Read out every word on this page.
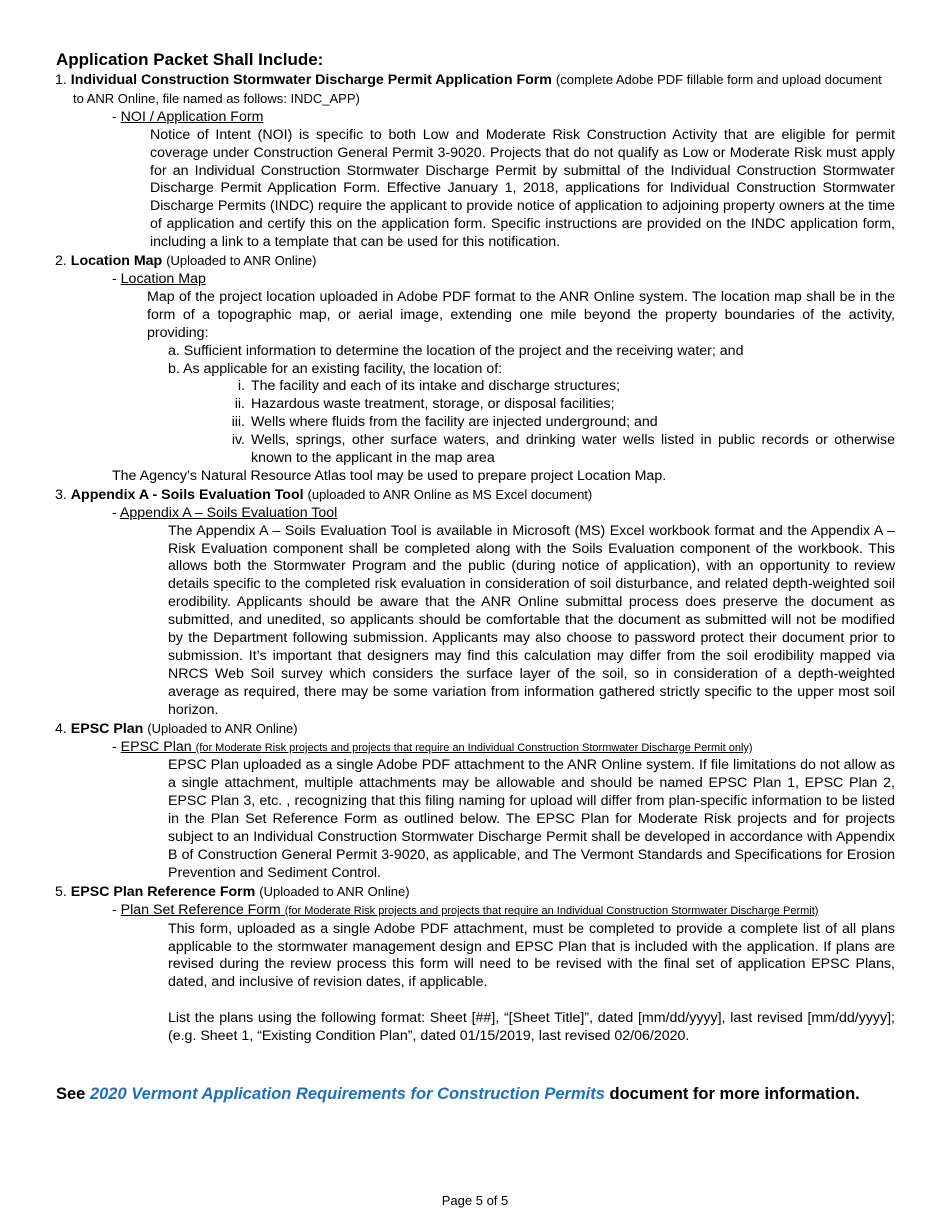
Application Packet Shall Include:
1. Individual Construction Stormwater Discharge Permit Application Form (complete Adobe PDF fillable form and upload document to ANR Online, file named as follows: INDC_APP)
- NOI / Application Form
Notice of Intent (NOI) is specific to both Low and Moderate Risk Construction Activity that are eligible for permit coverage under Construction General Permit 3-9020. Projects that do not qualify as Low or Moderate Risk must apply for an Individual Construction Stormwater Discharge Permit by submittal of the Individual Construction Stormwater Discharge Permit Application Form. Effective January 1, 2018, applications for Individual Construction Stormwater Discharge Permits (INDC) require the applicant to provide notice of application to adjoining property owners at the time of application and certify this on the application form. Specific instructions are provided on the INDC application form, including a link to a template that can be used for this notification.
2. Location Map (Uploaded to ANR Online)
- Location Map
Map of the project location uploaded in Adobe PDF format to the ANR Online system. The location map shall be in the form of a topographic map, or aerial image, extending one mile beyond the property boundaries of the activity, providing:
a. Sufficient information to determine the location of the project and the receiving water; and
b. As applicable for an existing facility, the location of:
i. The facility and each of its intake and discharge structures;
ii. Hazardous waste treatment, storage, or disposal facilities;
iii. Wells where fluids from the facility are injected underground; and
iv. Wells, springs, other surface waters, and drinking water wells listed in public records or otherwise known to the applicant in the map area
The Agency’s Natural Resource Atlas tool may be used to prepare project Location Map.
3. Appendix A - Soils Evaluation Tool (uploaded to ANR Online as MS Excel document)
- Appendix A – Soils Evaluation Tool
The Appendix A – Soils Evaluation Tool is available in Microsoft (MS) Excel workbook format and the Appendix A – Risk Evaluation component shall be completed along with the Soils Evaluation component of the workbook. This allows both the Stormwater Program and the public (during notice of application), with an opportunity to review details specific to the completed risk evaluation in consideration of soil disturbance, and related depth-weighted soil erodibility. Applicants should be aware that the ANR Online submittal process does preserve the document as submitted, and unedited, so applicants should be comfortable that the document as submitted will not be modified by the Department following submission. Applicants may also choose to password protect their document prior to submission. It’s important that designers may find this calculation may differ from the soil erodibility mapped via NRCS Web Soil survey which considers the surface layer of the soil, so in consideration of a depth-weighted average as required, there may be some variation from information gathered strictly specific to the upper most soil horizon.
4. EPSC Plan (Uploaded to ANR Online)
- EPSC Plan (for Moderate Risk projects and projects that require an Individual Construction Stormwater Discharge Permit only)
EPSC Plan uploaded as a single Adobe PDF attachment to the ANR Online system. If file limitations do not allow as a single attachment, multiple attachments may be allowable and should be named EPSC Plan 1, EPSC Plan 2, EPSC Plan 3, etc. , recognizing that this filing naming for upload will differ from plan-specific information to be listed in the Plan Set Reference Form as outlined below. The EPSC Plan for Moderate Risk projects and for projects subject to an Individual Construction Stormwater Discharge Permit shall be developed in accordance with Appendix B of Construction General Permit 3-9020, as applicable, and The Vermont Standards and Specifications for Erosion Prevention and Sediment Control.
5. EPSC Plan Reference Form (Uploaded to ANR Online)
- Plan Set Reference Form (for Moderate Risk projects and projects that require an Individual Construction Stormwater Discharge Permit)
This form, uploaded as a single Adobe PDF attachment, must be completed to provide a complete list of all plans applicable to the stormwater management design and EPSC Plan that is included with the application. If plans are revised during the review process this form will need to be revised with the final set of application EPSC Plans, dated, and inclusive of revision dates, if applicable.
List the plans using the following format: Sheet [##], “[Sheet Title]”, dated [mm/dd/yyyy], last revised [mm/dd/yyyy]; (e.g. Sheet 1, “Existing Condition Plan”, dated 01/15/2019, last revised 02/06/2020.
See 2020 Vermont Application Requirements for Construction Permits document for more information.
Page 5 of 5
